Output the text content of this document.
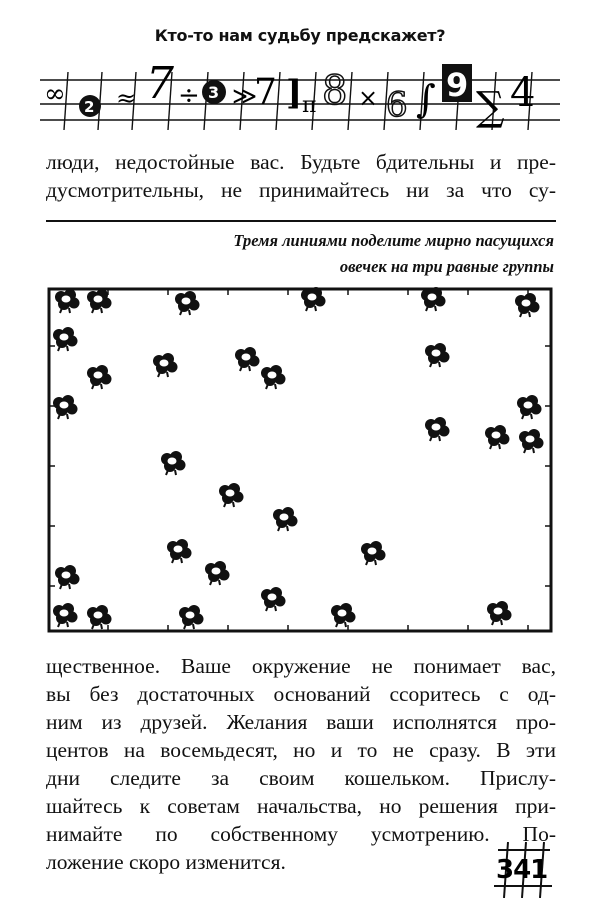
Кто-то нам судьбу предскажет?
∞ 2 ≈ 7 ÷ 3 ≫
7 ] π 8 × 6 ∫ 9 ∑ 4
люди, недостойные вас. Будьте бдительны и пре-
дусмотрительны, не принимайтесь ни за что су-
Тремя линиями поделите мирно пасущихся
овечек на три равные группы
щественное. Ваше окружение не понимает вас,
вы без достаточных оснований ссоритесь с од-
ним из друзей. Желания ваши исполнятся про-
центов на восемьдесят, но и то не сразу. В эти
дни следите за своим кошельком. Прислу-
шайтесь к советам начальства, но решения при-
нимайте по собственному усмотрению. По-
ложение скоро изменится.	341
